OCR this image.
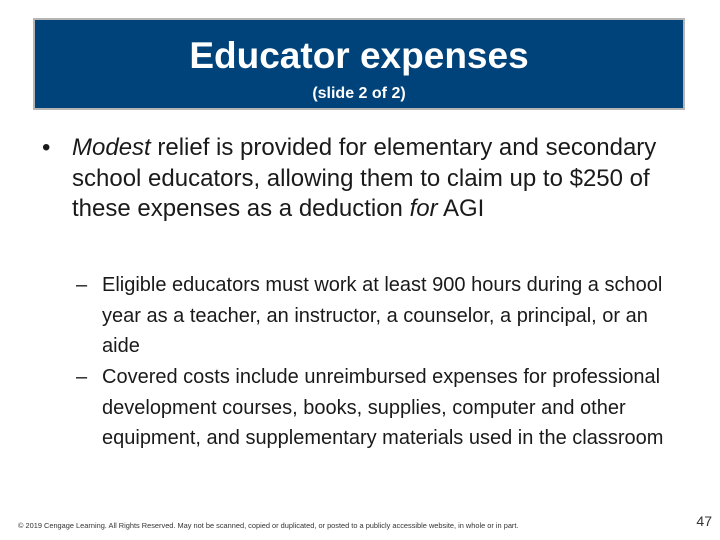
Educator expenses
(slide 2 of 2)
• Modest relief is provided for elementary and secondary school educators, allowing them to claim up to $250 of these expenses as a deduction for AGI
– Eligible educators must work at least 900 hours during a school year as a teacher, an instructor, a counselor, a principal, or an aide
– Covered costs include unreimbursed expenses for professional development courses, books, supplies, computer and other equipment, and supplementary materials used in the classroom
© 2019 Cengage Learning. All Rights Reserved. May not be scanned, copied or duplicated, or posted to a publicly accessible website, in whole or in part.	47
